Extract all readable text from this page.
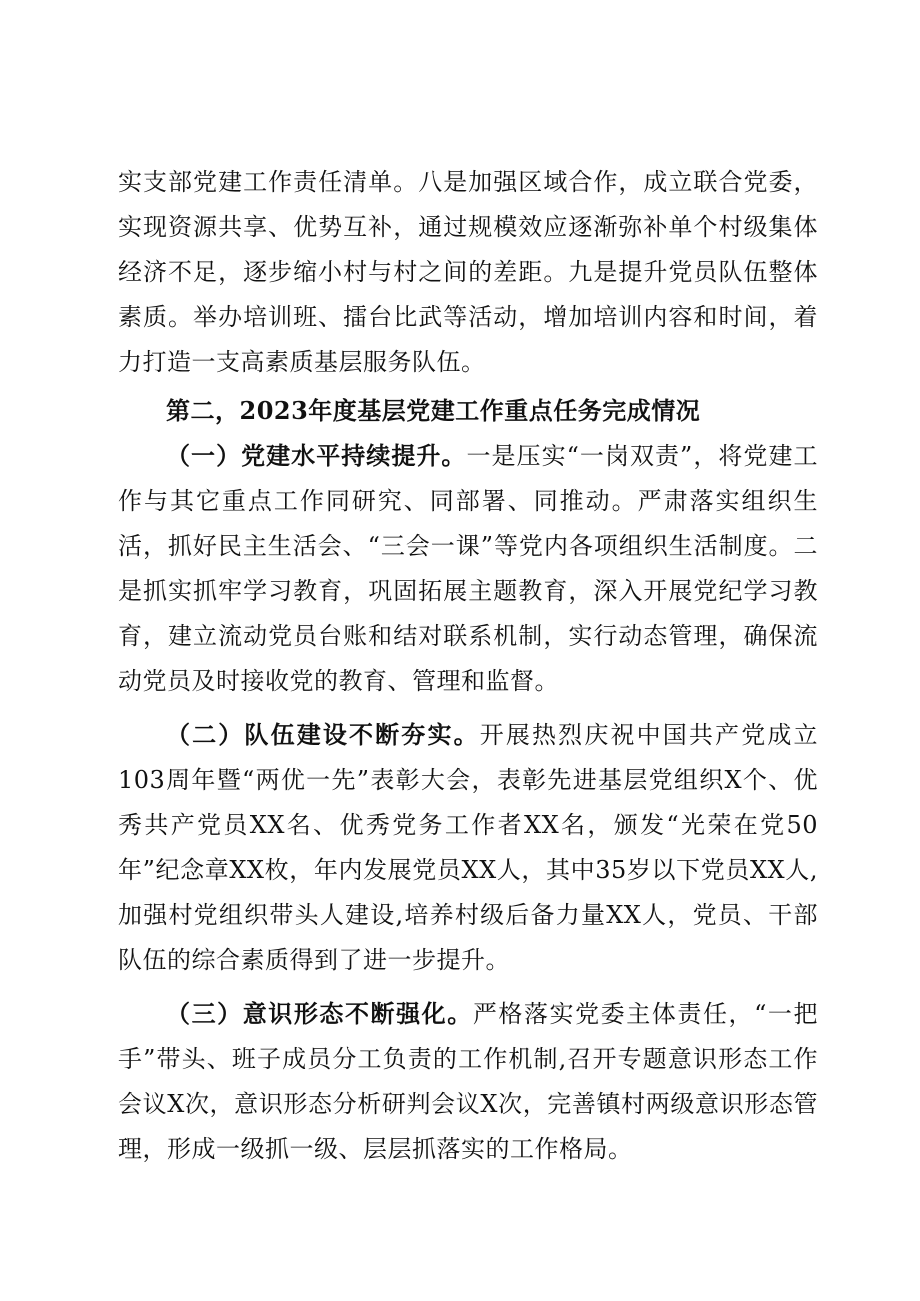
实支部党建工作责任清单。八是加强区域合作，成立联合党委，实现资源共享、优势互补，通过规模效应逐渐弥补单个村级集体经济不足，逐步缩小村与村之间的差距。九是提升党员队伍整体素质。举办培训班、擂台比武等活动，增加培训内容和时间，着力打造一支高素质基层服务队伍。

第二，2023年度基层党建工作重点任务完成情况

（一）党建水平持续提升。一是压实“一岗双责”，将党建工作与其它重点工作同研究、同部署、同推动。严肃落实组织生活，抓好民主生活会、“三会一课”等党内各项组织生活制度。二是抓实抓牢学习教育，巩固拓展主题教育，深入开展党纪学习教育，建立流动党员台账和结对联系机制，实行动态管理，确保流动党员及时接收党的教育、管理和监督。

（二）队伍建设不断夯实。开展热烈庆祝中国共产党成立103周年暨“两优一先”表彰大会，表彰先进基层党组织X个、优秀共产党员XX名、优秀党务工作者XX名，颁发“光荣在党50年”纪念章XX枚，年内发展党员XX人，其中35岁以下党员XX人,加强村党组织带头人建设,培养村级后备力量XX人，党员、干部队伍的综合素质得到了进一步提升。

（三）意识形态不断强化。严格落实党委主体责任，“一把手”带头、班子成员分工负责的工作机制,召开专题意识形态工作会议X次，意识形态分析研判会议X次，完善镇村两级意识形态管理，形成一级抓一级、层层抓落实的工作格局。
